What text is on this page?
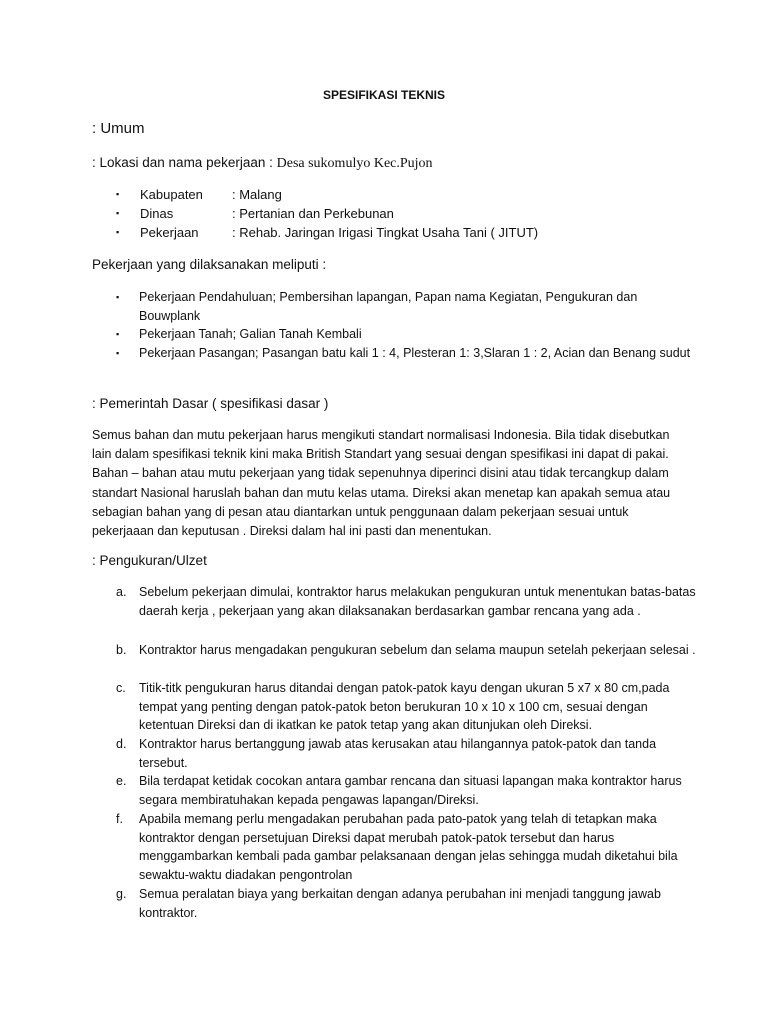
SPESIFIKASI TEKNIS
: Umum
: Lokasi dan nama pekerjaan : Desa sukomulyo Kec.Pujon
▪ Kabupaten : Malang
▪ Dinas	: Pertanian dan Perkebunan
▪ Pekerjaan	: Rehab. Jaringan Irigasi Tingkat Usaha Tani ( JITUT)
Pekerjaan yang dilaksanakan meliputi :
▪ Pekerjaan Pendahuluan; Pembersihan lapangan, Papan nama Kegiatan, Pengukuran dan Bouwplank
▪ Pekerjaan Tanah; Galian Tanah Kembali
▪ Pekerjaan Pasangan; Pasangan batu kali 1 : 4, Plesteran 1: 3,Slaran 1 : 2, Acian dan Benang sudut
: Pemerintah Dasar ( spesifikasi dasar )
Semus bahan dan mutu pekerjaan harus mengikuti standart normalisasi Indonesia. Bila tidak disebutkan lain dalam spesifikasi teknik kini maka British Standart yang sesuai dengan spesifikasi ini dapat di pakai. Bahan – bahan atau mutu pekerjaan yang tidak sepenuhnya diperinci disini atau tidak tercangkup dalam standart Nasional haruslah bahan dan mutu kelas utama. Direksi akan menetap kan apakah semua atau sebagian bahan yang di pesan atau diantarkan untuk penggunaan dalam pekerjaan sesuai untuk pekerjaaan dan keputusan . Direksi dalam hal ini pasti dan menentukan.
: Pengukuran/Ulzet
a. Sebelum pekerjaan dimulai, kontraktor harus melakukan pengukuran untuk menentukan batas-batas daerah kerja , pekerjaan yang akan dilaksanakan berdasarkan gambar rencana yang ada .
b. Kontraktor harus mengadakan pengukuran sebelum dan selama maupun setelah pekerjaan selesai .
c. Titik-titk pengukuran harus ditandai dengan patok-patok kayu dengan ukuran 5 x7 x 80 cm,pada tempat yang penting dengan patok-patok beton berukuran 10 x 10 x 100 cm, sesuai dengan ketentuan Direksi dan di ikatkan ke patok tetap yang akan ditunjukan oleh Direksi.
d. Kontraktor harus bertanggung jawab atas kerusakan atau hilangannya patok-patok dan tanda tersebut.
e. Bila terdapat ketidak cocokan antara gambar rencana dan situasi lapangan maka kontraktor harus segara membiratuhakan kepada pengawas lapangan/Direksi.
f. Apabila memang perlu mengadakan perubahan pada pato-patok yang telah di tetapkan maka kontraktor dengan persetujuan Direksi dapat merubah patok-patok tersebut dan harus menggambarkan kembali pada gambar pelaksanaan dengan jelas sehingga mudah diketahui bila sewaktu-waktu diadakan pengontrolan
g. Semua peralatan biaya yang berkaitan dengan adanya perubahan ini menjadi tanggung jawab kontraktor.
